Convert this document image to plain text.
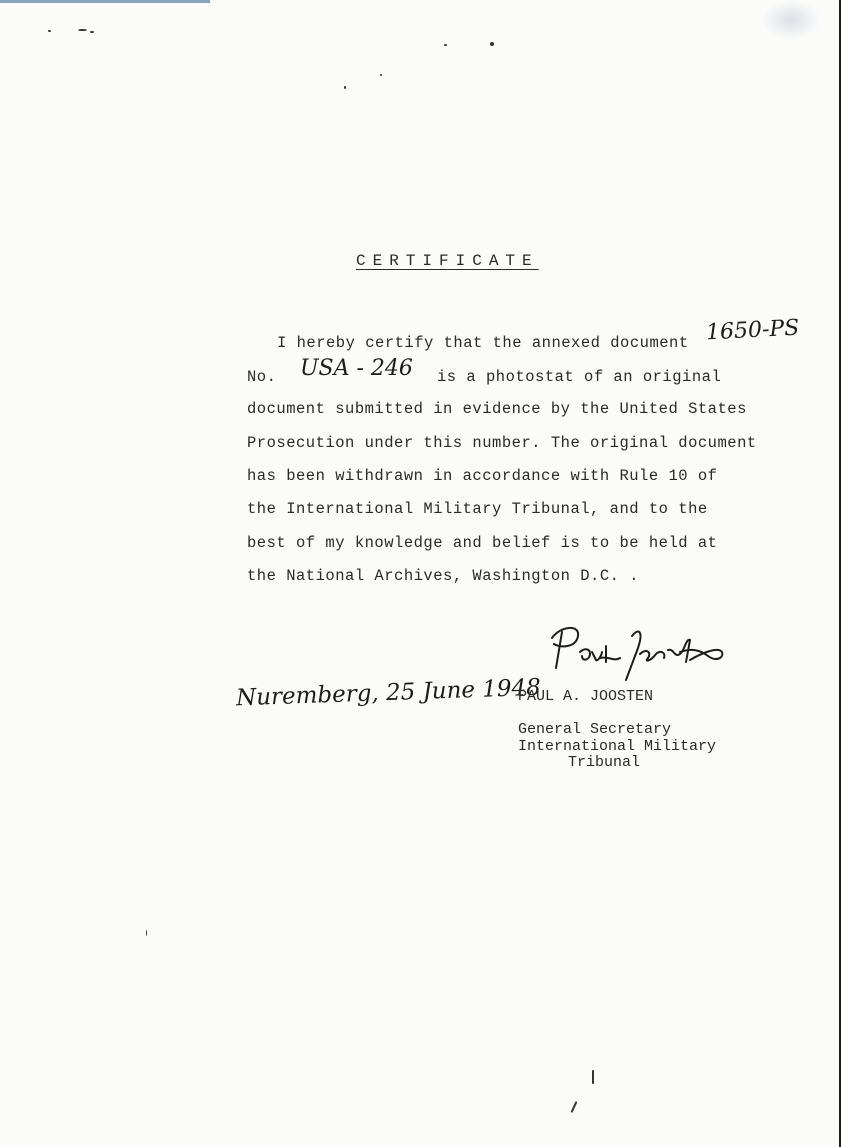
CERTIFICATE
I hereby certify that the annexed document 1650-PS
No.	is a photostat of an original
USA - 246
document submitted in evidence by the United States
Prosecution under this number. The original document
has been withdrawn in accordance with Rule 10 of
the International Military Tribunal, and to the
best of my knowledge and belief is to be held at
the National Archives, Washington D.C. .
Nuremberg, 25 June 1948
PAUL A. JOOSTEN
General Secretary
International Military
Tribunal
